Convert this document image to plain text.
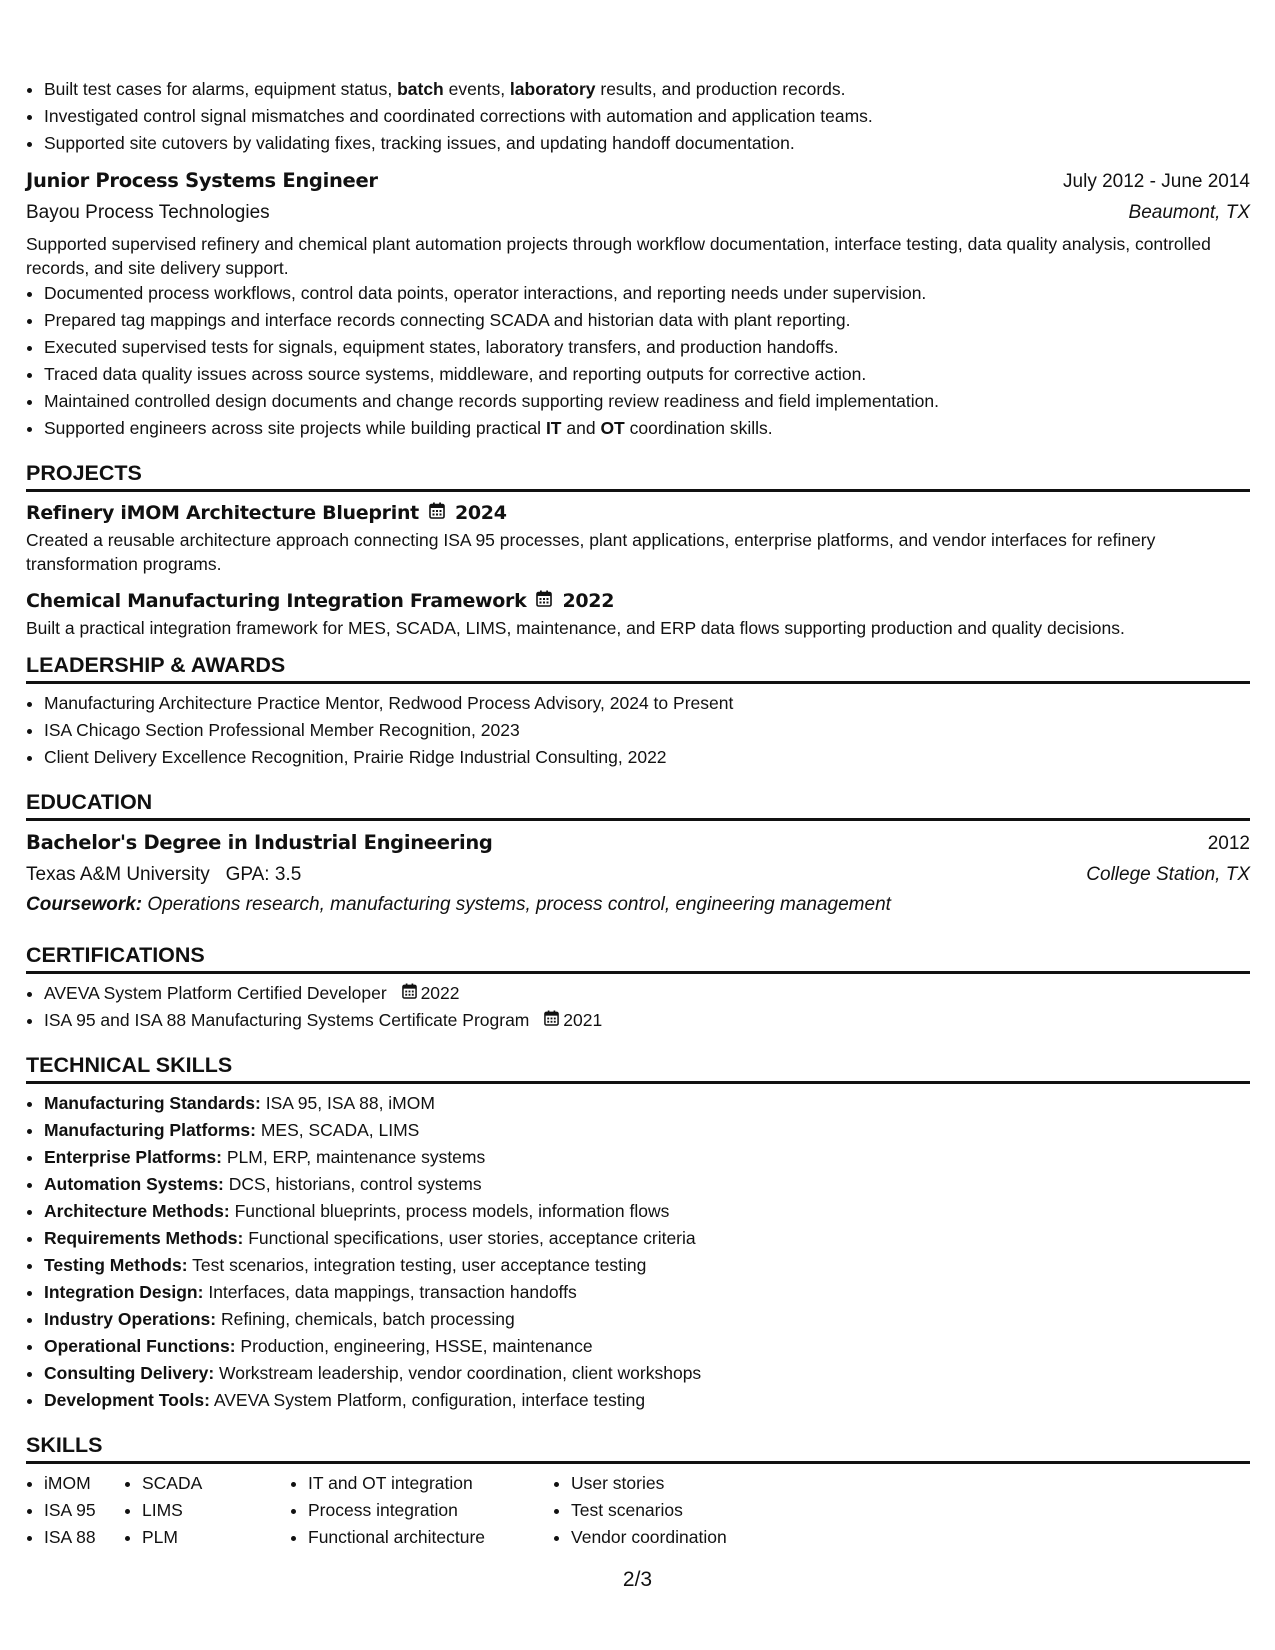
• Built test cases for alarms, equipment status, batch events, laboratory results, and production records.
• Investigated control signal mismatches and coordinated corrections with automation and application teams.
• Supported site cutovers by validating fixes, tracking issues, and updating handoff documentation.
Junior Process Systems Engineer	July 2012 - June 2014
Bayou Process Technologies	Beaumont, TX
Supported supervised refinery and chemical plant automation projects through workflow documentation, interface testing, data quality analysis, controlled records, and site delivery support.
• Documented process workflows, control data points, operator interactions, and reporting needs under supervision.
• Prepared tag mappings and interface records connecting SCADA and historian data with plant reporting.
• Executed supervised tests for signals, equipment states, laboratory transfers, and production handoffs.
• Traced data quality issues across source systems, middleware, and reporting outputs for corrective action.
• Maintained controlled design documents and change records supporting review readiness and field implementation.
• Supported engineers across site projects while building practical IT and OT coordination skills.
PROJECTS
Refinery iMOM Architecture Blueprint 2024
Created a reusable architecture approach connecting ISA 95 processes, plant applications, enterprise platforms, and vendor interfaces for refinery transformation programs.
Chemical Manufacturing Integration Framework 2022
Built a practical integration framework for MES, SCADA, LIMS, maintenance, and ERP data flows supporting production and quality decisions.
LEADERSHIP & AWARDS
• Manufacturing Architecture Practice Mentor, Redwood Process Advisory, 2024 to Present
• ISA Chicago Section Professional Member Recognition, 2023
• Client Delivery Excellence Recognition, Prairie Ridge Industrial Consulting, 2022
EDUCATION
Bachelor's Degree in Industrial Engineering	2012
Texas A&M University GPA: 3.5	College Station, TX
Coursework: Operations research, manufacturing systems, process control, engineering management
CERTIFICATIONS
• AVEVA System Platform Certified Developer 2022
• ISA 95 and ISA 88 Manufacturing Systems Certificate Program 2021
TECHNICAL SKILLS
• Manufacturing Standards: ISA 95, ISA 88, iMOM
• Manufacturing Platforms: MES, SCADA, LIMS
• Enterprise Platforms: PLM, ERP, maintenance systems
• Automation Systems: DCS, historians, control systems
• Architecture Methods: Functional blueprints, process models, information flows
• Requirements Methods: Functional specifications, user stories, acceptance criteria
• Testing Methods: Test scenarios, integration testing, user acceptance testing
• Integration Design: Interfaces, data mappings, transaction handoffs
• Industry Operations: Refining, chemicals, batch processing
• Operational Functions: Production, engineering, HSSE, maintenance
• Consulting Delivery: Workstream leadership, vendor coordination, client workshops
• Development Tools: AVEVA System Platform, configuration, interface testing
SKILLS
• iMOM
• ISA 95
• ISA 88
• SCADA
• LIMS
• PLM
• IT and OT integration
• Process integration
• Functional architecture
• User stories
• Test scenarios
• Vendor coordination
2/3
